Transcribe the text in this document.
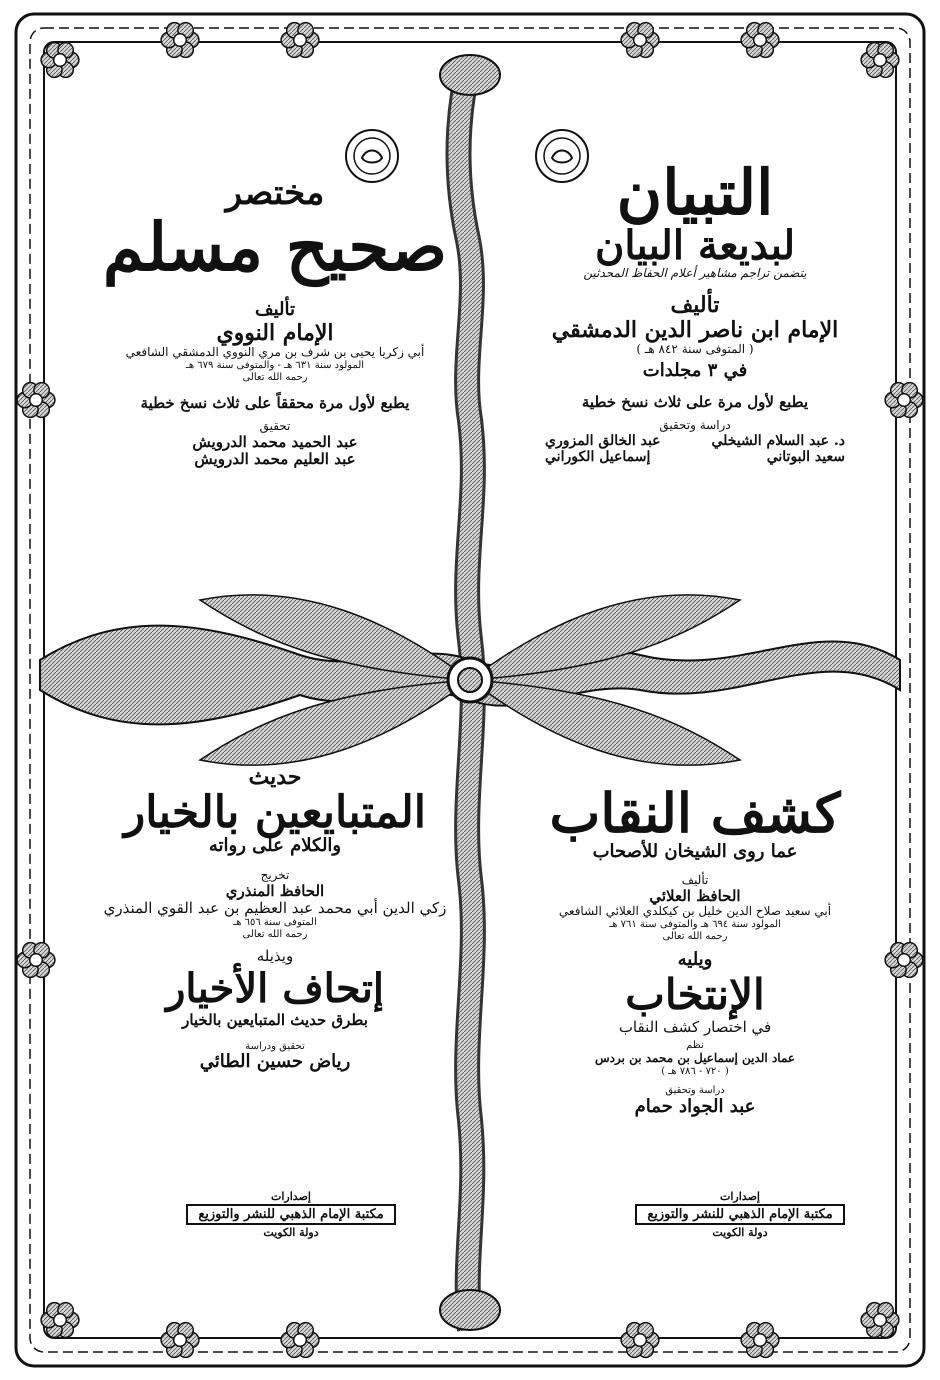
التبيان
لبديعة البيان
يتضمن تراجم مشاهير أعلام الحفاظ المحدثين
تأليف
الإمام ابن ناصر الدين الدمشقي
( المتوفى سنة ٨٤٢ هـ )
في ٣ مجلدات
يطبع لأول مرة على ثلاث نسخ خطية
دراسة وتحقيق
د. عبد السلام الشيخلي
عبد الخالق المزوري
سعيد البوتاني
إسماعيل الكوراني
مختصر
صحيح مسلم
تأليف
الإمام النووي
أبي زكريا يحيى بن شرف بن مري النووي الدمشقي الشافعي
المولود سنة ٦٣١ هـ - والمتوفى سنة ٦٧٩ هـ
رحمه الله تعالى
يطبع لأول مرة محققاً على ثلاث نسخ خطية
تحقيق
عبد الحميد محمد الدرويش
عبد العليم محمد الدرويش
كشف النقاب
عما روى الشيخان للأصحاب
تأليف
الحافظ العلائي
أبي سعيد صلاح الدين خليل بن كيكلدي العلائي الشافعي
المولود سنة ٦٩٤ هـ والمتوفى سنة ٧٦١ هـ
رحمه الله تعالى
ويليه
الإنتخاب
في اختصار كشف النقاب
نظم
عماد الدين إسماعيل بن محمد بن بردس
( ٧٢٠ - ٧٨٦ هـ )
دراسة وتحقيق
عبد الجواد حمام
حديث
المتبايعين بالخيار
والكلام على رواته
تخريج
الحافظ المنذري
زكي الدين أبي محمد عبد العظيم بن عبد القوي المنذري
المتوفى سنة ٦٥٦ هـ
رحمه الله تعالى
ويذيله
إتحاف الأخيار
بطرق حديث المتبايعين بالخيار
تحقيق ودراسة
رياض حسين الطائي
إصدارات
مكتبة الإمام الذهبي للنشر والتوزيع
دولة الكويت
إصدارات
مكتبة الإمام الذهبي للنشر والتوزيع
دولة الكويت
